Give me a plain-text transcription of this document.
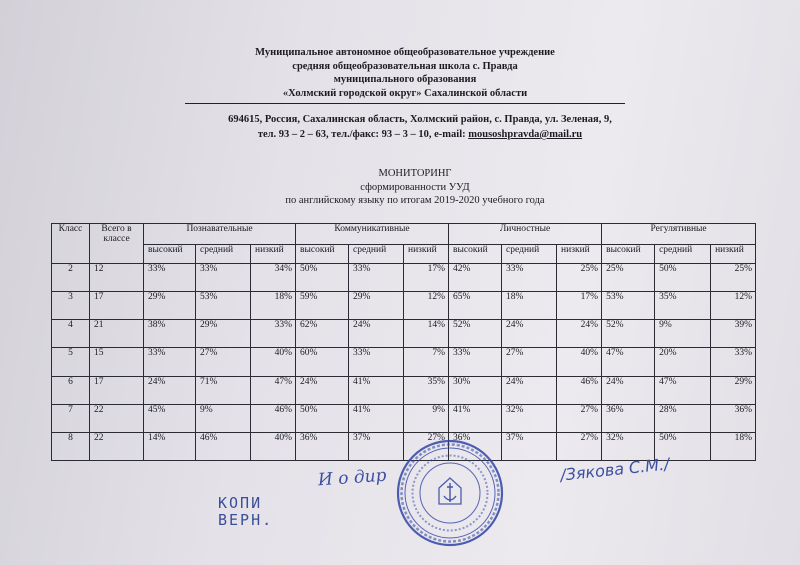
Муниципальное автономное общеобразовательное учреждение
средняя общеобразовательная школа с. Правда
муниципального образования
«Холмский городской округ» Сахалинской области
694615, Россия, Сахалинская область, Холмский район, с. Правда, ул. Зеленая, 9,
тел. 93 – 2 – 63, тел./факс: 93 – 3 – 10, e-mail: mousoshpravda@mail.ru
МОНИТОРИНГ
сформированности УУД
по английскому языку по итогам 2019-2020 учебного года
Класс	Всего в классе	Познавательные			Коммуникативные			Личностные			Регулятивные		
		высокий	средний	низкий	высокий	средний	низкий	высокий	средний	низкий	высокий	средний	низкий
2	12	33%	33%	34%	50%	33%	17%	42%	33%	25%	25%	50%	25%
3	17	29%	53%	18%	59%	29%	12%	65%	18%	17%	53%	35%	12%
4	21	38%	29%	33%	62%	24%	14%	52%	24%	24%	52%	9%	39%
5	15	33%	27%	40%	60%	33%	7%	33%	27%	40%	47%	20%	33%
6	17	24%	71%	47%	24%	41%	35%	30%	24%	46%	24%	47%	29%
7	22	45%	9%	46%	50%	41%	9%	41%	32%	27%	36%	28%	36%
8	22	14%	46%	40%	36%	37%	27%	36%	37%	27%	32%	50%	18%
КОПИ
ВЕРН.
И о дир	/Зякова С.М./
